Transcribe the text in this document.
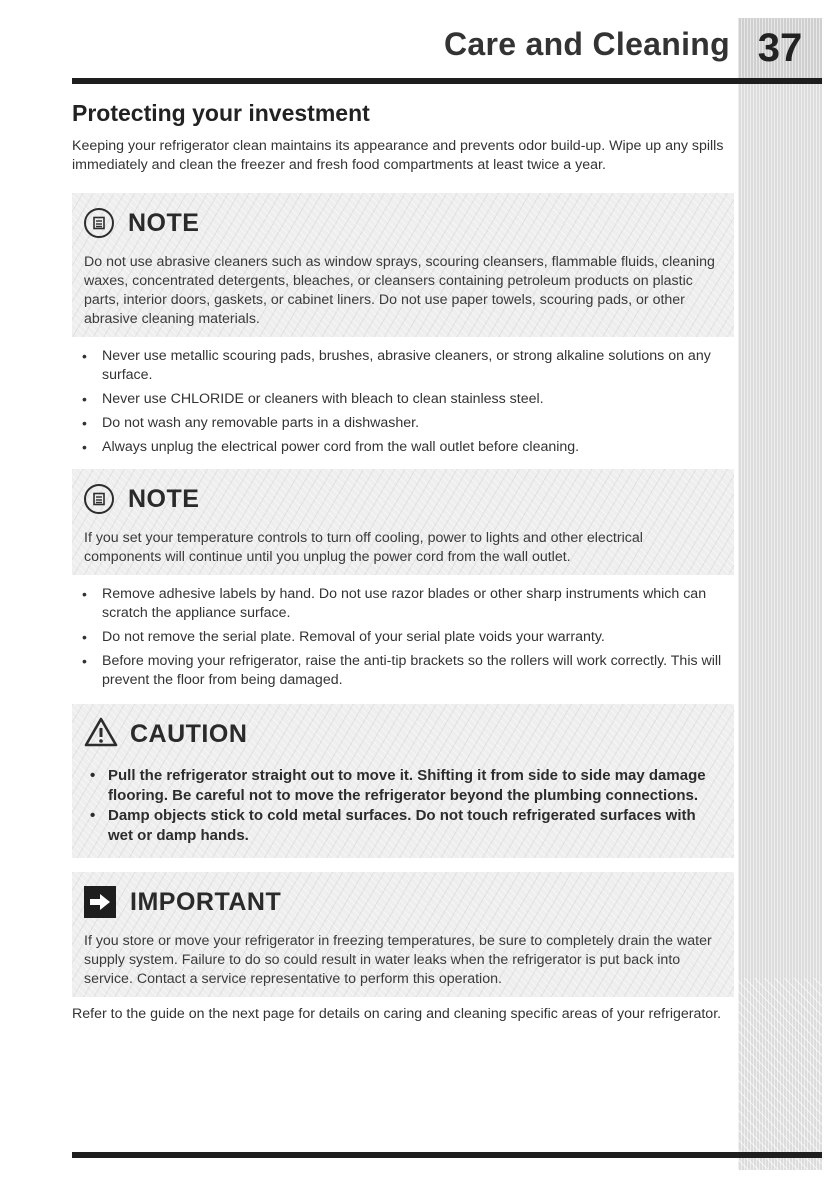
37
Care and Cleaning
Protecting your investment

Keeping your refrigerator clean maintains its appearance and prevents odor build-up. Wipe up any spills immediately and clean the freezer and fresh food compartments at least twice a year.

NOTE
Do not use abrasive cleaners such as window sprays, scouring cleansers, flammable fluids, cleaning waxes, concentrated detergents, bleaches, or cleansers containing petroleum products on plastic parts, interior doors, gaskets, or cabinet liners. Do not use paper towels, scouring pads, or other abrasive cleaning materials.
• Never use metallic scouring pads, brushes, abrasive cleaners, or strong alkaline solutions on any surface.
• Never use CHLORIDE or cleaners with bleach to clean stainless steel.
• Do not wash any removable parts in a dishwasher.
• Always unplug the electrical power cord from the wall outlet before cleaning.
NOTE
If you set your temperature controls to turn off cooling, power to lights and other electrical components will continue until you unplug the power cord from the wall outlet.
• Remove adhesive labels by hand. Do not use razor blades or other sharp instruments which can scratch the appliance surface.
• Do not remove the serial plate. Removal of your serial plate voids your warranty.
• Before moving your refrigerator, raise the anti-tip brackets so the rollers will work correctly. This will prevent the floor from being damaged.
CAUTION
• Pull the refrigerator straight out to move it. Shifting it from side to side may damage flooring. Be careful not to move the refrigerator beyond the plumbing connections.
• Damp objects stick to cold metal surfaces. Do not touch refrigerated surfaces with wet or damp hands.
IMPORTANT
If you store or move your refrigerator in freezing temperatures, be sure to completely drain the water supply system. Failure to do so could result in water leaks when the refrigerator is put back into service. Contact a service representative to perform this operation.

Refer to the guide on the next page for details on caring and cleaning specific areas of your refrigerator.
